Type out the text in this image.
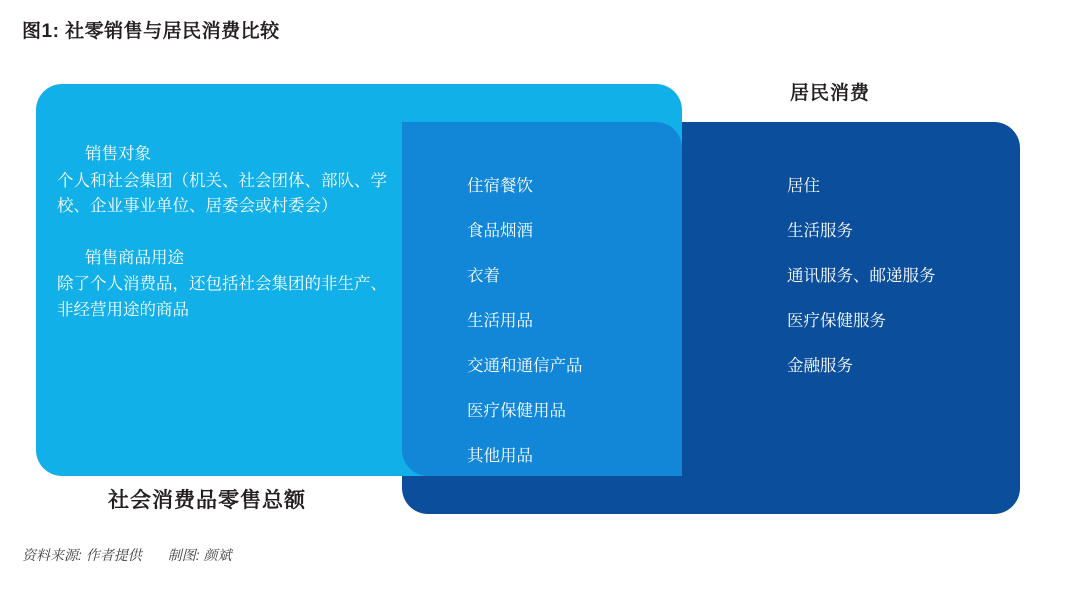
图1: 社零销售与居民消费比较
居民消费
社会消费品零售总额
销售对象
个人和社会集团（机关、社会团体、部队、学校、企业事业单位、居委会或村委会）
销售商品用途
除了个人消费品，还包括社会集团的非生产、非经营用途的商品
住宿餐饮
食品烟酒
衣着
生活用品
交通和通信产品
医疗保健用品
其他用品
居住
生活服务
通讯服务、邮递服务
医疗保健服务
金融服务
资料来源: 作者提供 制图: 颜斌
